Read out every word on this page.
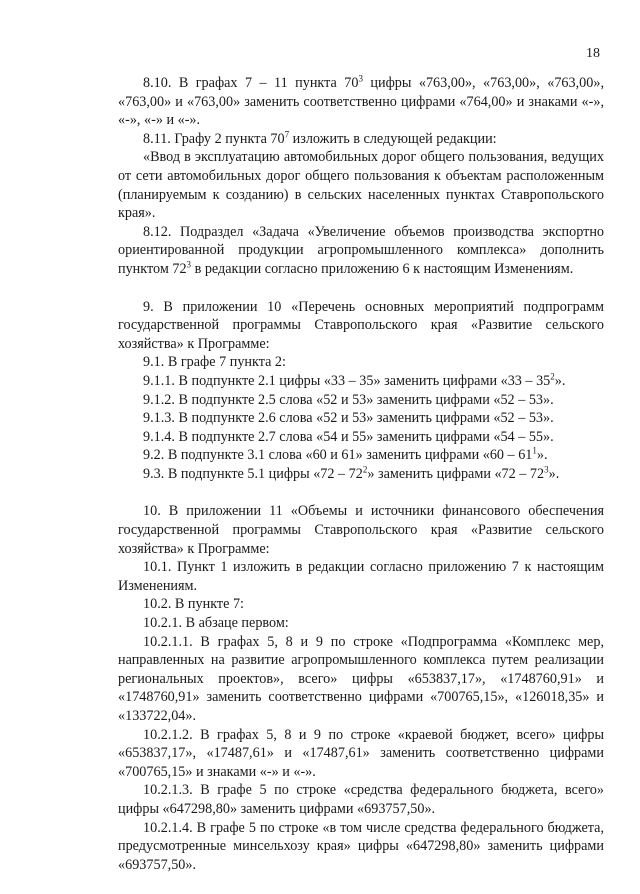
18

8.10. В графах 7 – 11 пункта $70^3$ цифры «763,00», «763,00», «763,00», «763,00» и «763,00» заменить соответственно цифрами «764,00» и знаками «-», «-», «-» и «-».

8.11. Графу 2 пункта $70^7$ изложить в следующей редакции:

«Ввод в эксплуатацию автомобильных дорог общего пользования, ведущих от сети автомобильных дорог общего пользования к объектам расположенным (планируемым к созданию) в сельских населенных пунктах Ставропольского края».

8.12. Подраздел «Задача «Увеличение объемов производства экспортно ориентированной продукции агропромышленного комплекса» дополнить пунктом $72^3$ в редакции согласно приложению 6 к настоящим Изменениям.

9. В приложении 10 «Перечень основных мероприятий подпрограмм государственной программы Ставропольского края «Развитие сельского хозяйства» к Программе:

9.1. В графе 7 пункта 2:

9.1.1. В подпункте 2.1 цифры «33 – 35» заменить цифрами «$33 - 35^2$».

9.1.2. В подпункте 2.5 слова «52 и 53» заменить цифрами «52 – 53».

9.1.3. В подпункте 2.6 слова «52 и 53» заменить цифрами «52 – 53».

9.1.4. В подпункте 2.7 слова «54 и 55» заменить цифрами «54 – 55».

9.2. В подпункте 3.1 слова «60 и 61» заменить цифрами «$60 - 61^1$».

9.3. В подпункте 5.1 цифры «$72 - 72^2$» заменить цифрами «$72 - 72^3$».

10. В приложении 11 «Объемы и источники финансового обеспечения государственной программы Ставропольского края «Развитие сельского хозяйства» к Программе:

10.1. Пункт 1 изложить в редакции согласно приложению 7 к настоящим Изменениям.

10.2. В пункте 7:

10.2.1. В абзаце первом:

10.2.1.1. В графах 5, 8 и 9 по строке «Подпрограмма «Комплекс мер, направленных на развитие агропромышленного комплекса путем реализации региональных проектов», всего» цифры «653837,17», «1748760,91» и «1748760,91» заменить соответственно цифрами «700765,15», «126018,35» и «133722,04».

10.2.1.2. В графах 5, 8 и 9 по строке «краевой бюджет, всего» цифры «653837,17», «17487,61» и «17487,61» заменить соответственно цифрами «700765,15» и знаками «-» и «-».

10.2.1.3. В графе 5 по строке «средства федерального бюджета, всего» цифры «647298,80» заменить цифрами «693757,50».

10.2.1.4. В графе 5 по строке «в том числе средства федерального бюджета, предусмотренные минсельхозу края» цифры «647298,80» заменить цифрами «693757,50».
